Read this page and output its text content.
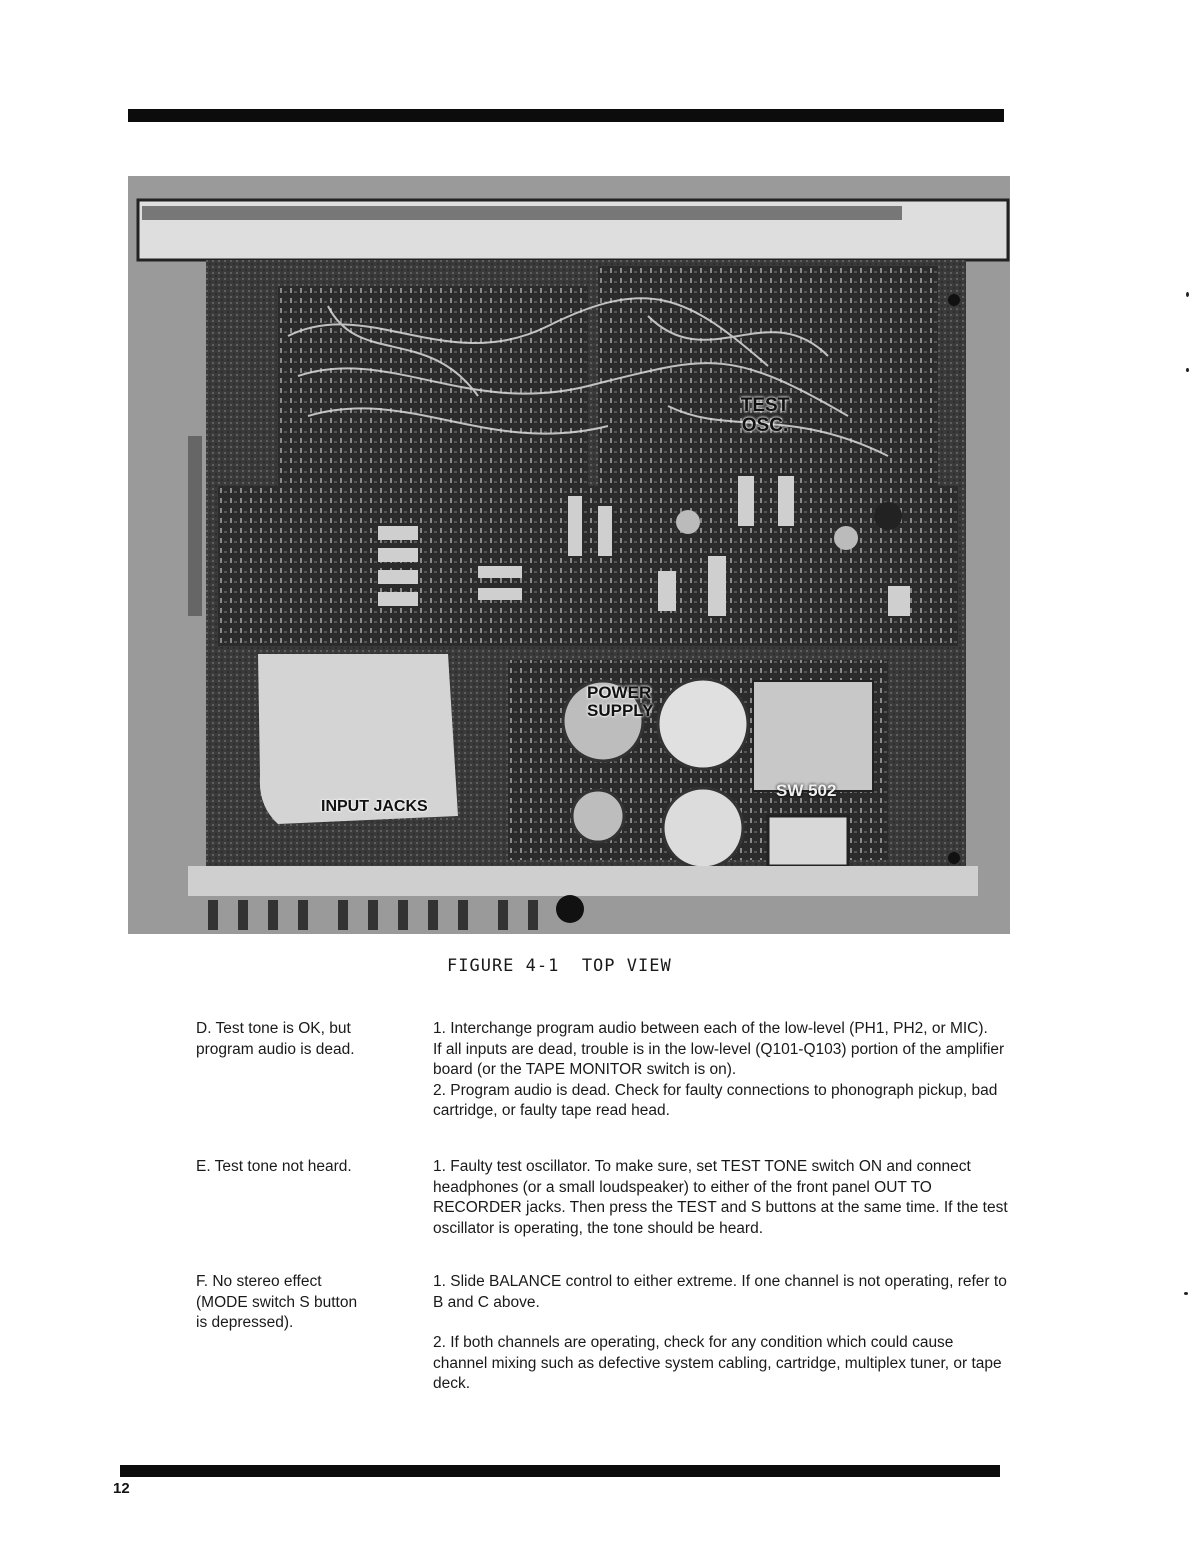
TEST OSC.
POWER SUPPLY
INPUT JACKS
SW 502
FIGURE 4-1  TOP VIEW
D. Test tone is OK, but program audio is dead.

1. Interchange program audio between each of the low-level (PH1, PH2, or MIC).

If all inputs are dead, trouble is in the low-level (Q101-Q103) portion of the amplifier board (or the TAPE MONITOR switch is on).

2. Program audio is dead. Check for faulty connections to phonograph pickup, bad cartridge, or faulty tape read head.

E. Test tone not heard.	1. Faulty test oscillator. To make sure, set TEST TONE switch ON and connect headphones (or a small loudspeaker) to either of the front panel OUT TO RECORDER jacks. Then press the TEST and S buttons at the same time. If the test oscillator is operating, the tone should be heard.

F. No stereo effect (MODE switch S button is depressed).

1. Slide BALANCE control to either extreme. If one channel is not operating, refer to B and C above.

2. If both channels are operating, check for any condition which could cause channel mixing such as defective system cabling, cartridge, multiplex tuner, or tape deck.

12
